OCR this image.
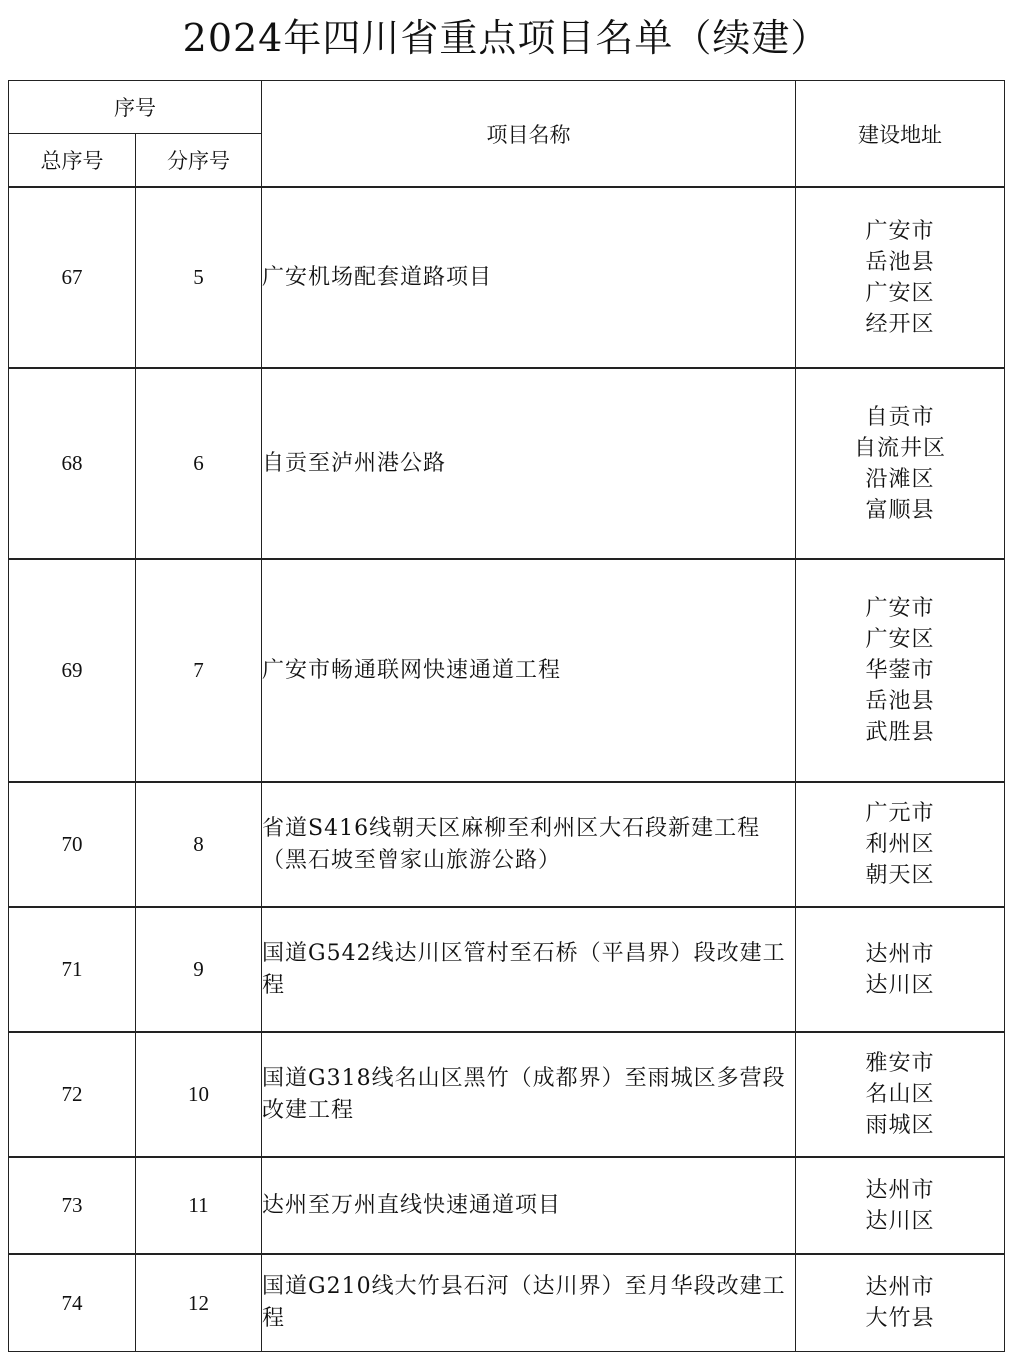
2024年四川省重点项目名单（续建）
序号		项目名称	建设地址
总序号	分序号		
67	5	广安机场配套道路项目	广安市
岳池县
广安区
经开区

68	6	自贡至泸州港公路	自贡市
自流井区
沿滩区
富顺县

69	7	广安市畅通联网快速通道工程	广安市
广安区
华蓥市
岳池县
武胜县

70	8	省道S416线朝天区麻柳至利州区大石段新建工程（黑石坡至曾家山旅游公路）	广元市
利州区
朝天区

71	9	国道G542线达川区管村至石桥（平昌界）段改建工程	达州市
达川区

72	10	国道G318线名山区黑竹（成都界）至雨城区多营段改建工程	雅安市
名山区
雨城区

73	11	达州至万州直线快速通道项目	达州市
达川区

74	12	国道G210线大竹县石河（达川界）至月华段改建工程	达州市
大竹县
